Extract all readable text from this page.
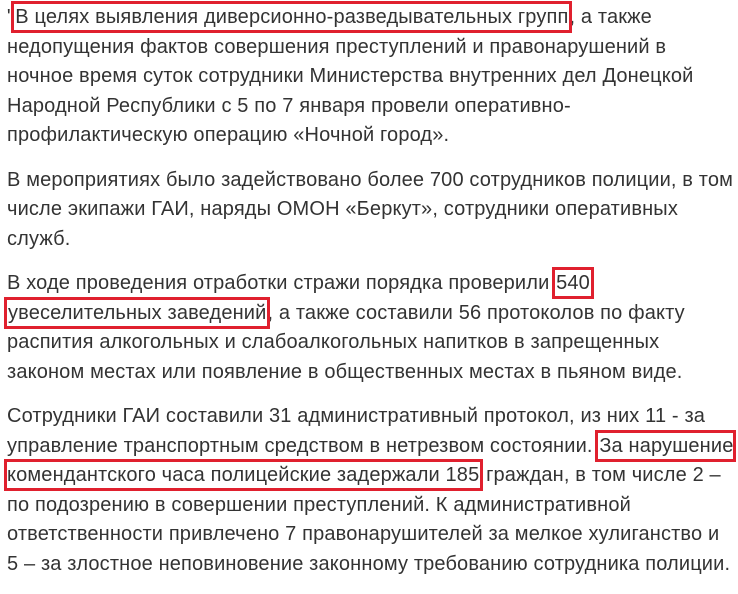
"В целях выявления диверсионно-разведывательных групп, а также недопущения фактов совершения преступлений и правонарушений в ночное время суток сотрудники Министерства внутренних дел Донецкой Народной Республики с 5 по 7 января провели оперативно-профилактическую операцию «Ночной город».

В мероприятиях было задействовано более 700 сотрудников полиции, в том числе экипажи ГАИ, наряды ОМОН «Беркут», сотрудники оперативных служб.

В ходе проведения отработки стражи порядка проверили 540 увеселительных заведений, а также составили 56 протоколов по факту распития алкогольных и слабоалкогольных напитков в запрещенных законом местах или появление в общественных местах в пьяном виде.

Сотрудники ГАИ составили 31 административный протокол, из них 11 - за управление транспортным средством в нетрезвом состоянии. За нарушение комендантского часа полицейские задержали 185 граждан, в том числе 2 – по подозрению в совершении преступлений. К административной ответственности привлечено 7 правонарушителей за мелкое хулиганство и 5 – за злостное неповиновение законному требованию сотрудника полиции.
